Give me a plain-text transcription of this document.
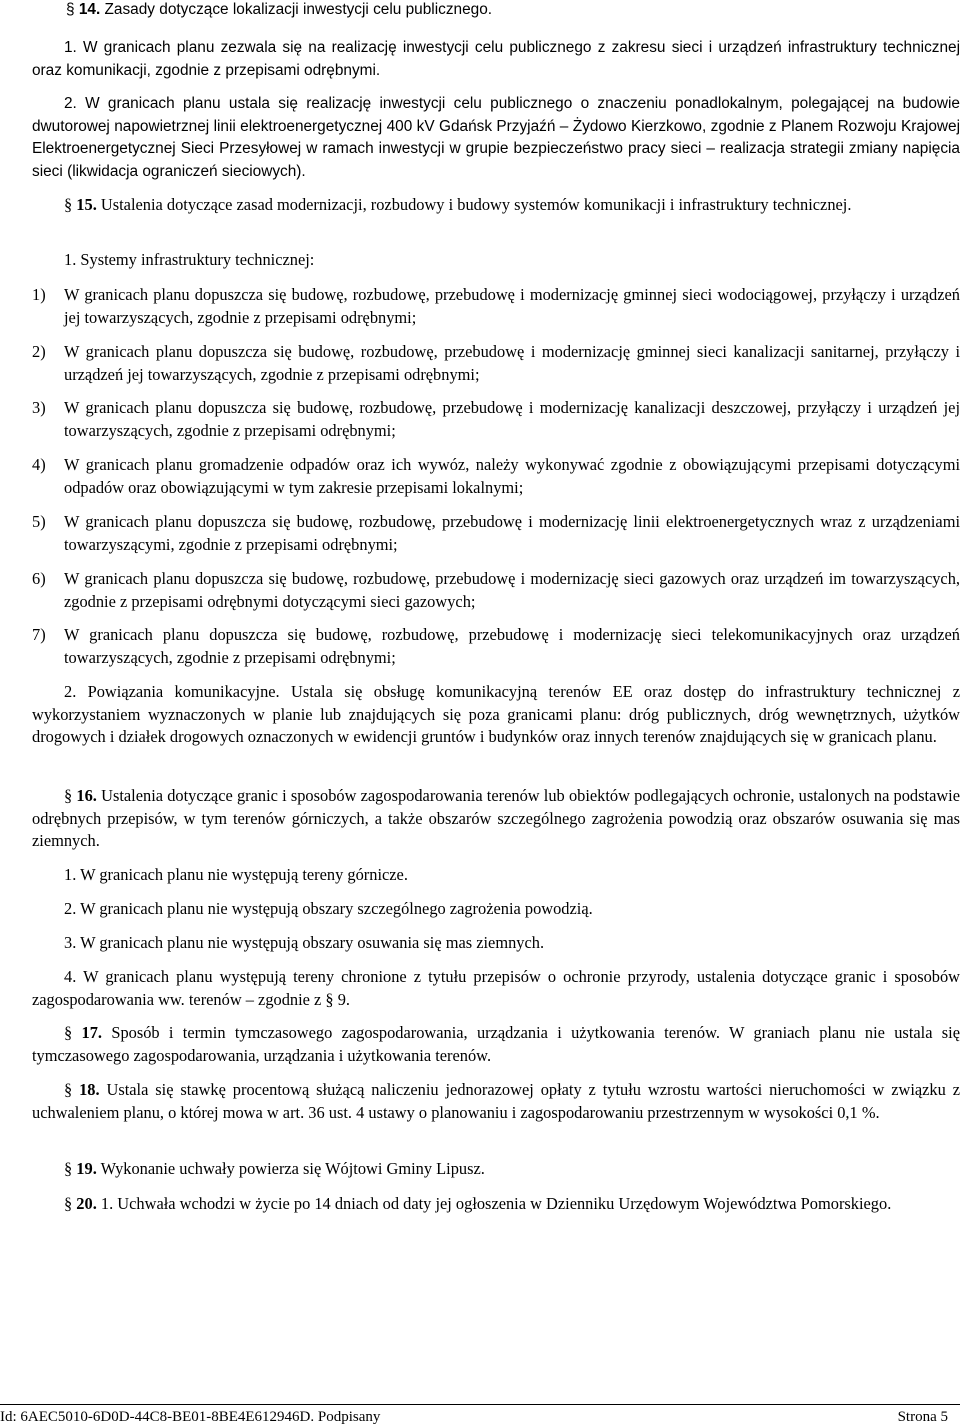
§ 14. Zasady dotyczące lokalizacji inwestycji celu publicznego.
1. W granicach planu zezwala się na realizację inwestycji celu publicznego z zakresu sieci i urządzeń infrastruktury technicznej oraz komunikacji, zgodnie z przepisami odrębnymi.
2. W granicach planu ustala się realizację inwestycji celu publicznego o znaczeniu ponadlokalnym, polegającej na budowie dwutorowej napowietrznej linii elektroenergetycznej 400 kV Gdańsk Przyjaźń – Żydowo Kierzkowo, zgodnie z Planem Rozwoju Krajowej Elektroenergetycznej Sieci Przesyłowej w ramach inwestycji w grupie bezpieczeństwo pracy sieci – realizacja strategii zmiany napięcia sieci (likwidacja ograniczeń sieciowych).
§ 15. Ustalenia dotyczące zasad modernizacji, rozbudowy i budowy systemów komunikacji i infrastruktury technicznej.
1. Systemy infrastruktury technicznej:
1) W granicach planu dopuszcza się budowę, rozbudowę, przebudowę i modernizację gminnej sieci wodociągowej, przyłączy i urządzeń jej towarzyszących, zgodnie z przepisami odrębnymi;
2) W granicach planu dopuszcza się budowę, rozbudowę, przebudowę i modernizację gminnej sieci kanalizacji sanitarnej, przyłączy i urządzeń jej towarzyszących, zgodnie z przepisami odrębnymi;
3) W granicach planu dopuszcza się budowę, rozbudowę, przebudowę i modernizację kanalizacji deszczowej, przyłączy i urządzeń jej towarzyszących, zgodnie z przepisami odrębnymi;
4) W granicach planu gromadzenie odpadów oraz ich wywóz, należy wykonywać zgodnie z obowiązującymi przepisami dotyczącymi odpadów oraz obowiązującymi w tym zakresie przepisami lokalnymi;
5) W granicach planu dopuszcza się budowę, rozbudowę, przebudowę i modernizację linii elektroenergetycznych wraz z urządzeniami towarzyszącymi, zgodnie z przepisami odrębnymi;
6) W granicach planu dopuszcza się budowę, rozbudowę, przebudowę i modernizację sieci gazowych oraz urządzeń im towarzyszących, zgodnie z przepisami odrębnymi dotyczącymi sieci gazowych;
7) W granicach planu dopuszcza się budowę, rozbudowę, przebudowę i modernizację sieci telekomunikacyjnych oraz urządzeń towarzyszących, zgodnie z przepisami odrębnymi;
2. Powiązania komunikacyjne. Ustala się obsługę komunikacyjną terenów EE oraz dostęp do infrastruktury technicznej z wykorzystaniem wyznaczonych w planie lub znajdujących się poza granicami planu: dróg publicznych, dróg wewnętrznych, użytków drogowych i działek drogowych oznaczonych w ewidencji gruntów i budynków oraz innych terenów znajdujących się w granicach planu.
§ 16. Ustalenia dotyczące granic i sposobów zagospodarowania terenów lub obiektów podlegających ochronie, ustalonych na podstawie odrębnych przepisów, w tym terenów górniczych, a także obszarów szczególnego zagrożenia powodzią oraz obszarów osuwania się mas ziemnych.
1. W granicach planu nie występują tereny górnicze.
2. W granicach planu nie występują obszary szczególnego zagrożenia powodzią.
3. W granicach planu nie występują obszary osuwania się mas ziemnych.
4. W granicach planu występują tereny chronione z tytułu przepisów o ochronie przyrody, ustalenia dotyczące granic i sposobów zagospodarowania ww. terenów – zgodnie z § 9.
§ 17. Sposób i termin tymczasowego zagospodarowania, urządzania i użytkowania terenów. W graniach planu nie ustala się tymczasowego zagospodarowania, urządzania i użytkowania terenów.
§ 18. Ustala się stawkę procentową służącą naliczeniu jednorazowej opłaty z tytułu wzrostu wartości nieruchomości w związku z uchwaleniem planu, o której mowa w art. 36 ust. 4 ustawy o planowaniu i zagospodarowaniu przestrzennym w wysokości 0,1 %.
§ 19. Wykonanie uchwały powierza się Wójtowi Gminy Lipusz.
§ 20. 1. Uchwała wchodzi w życie po 14 dniach od daty jej ogłoszenia w Dzienniku Urzędowym Województwa Pomorskiego.
Id: 6AEC5010-6D0D-44C8-BE01-8BE4E612946D. Podpisany	Strona 5
